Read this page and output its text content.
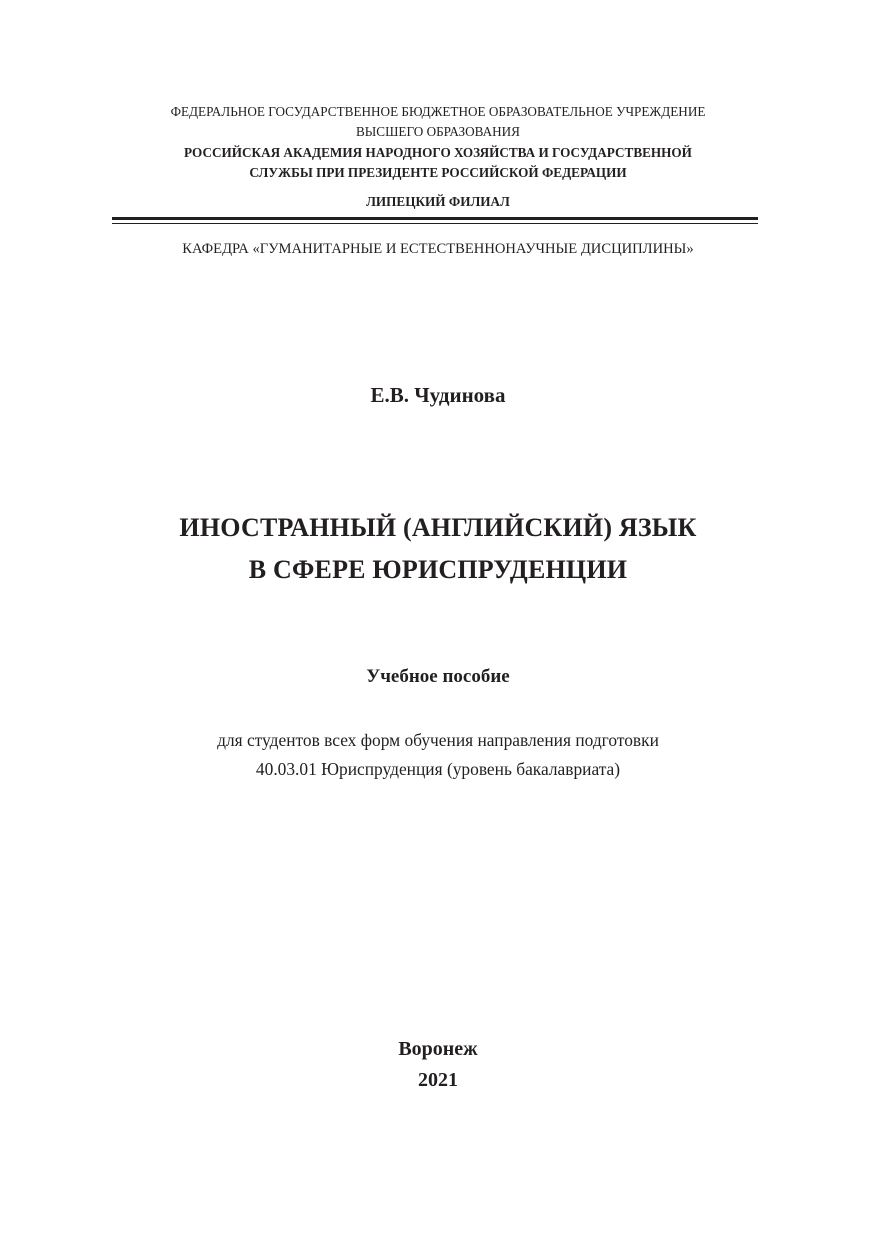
ФЕДЕРАЛЬНОЕ ГОСУДАРСТВЕННОЕ БЮДЖЕТНОЕ ОБРАЗОВАТЕЛЬНОЕ УЧРЕЖДЕНИЕ
ВЫСШЕГО ОБРАЗОВАНИЯ
РОССИЙСКАЯ АКАДЕМИЯ НАРОДНОГО ХОЗЯЙСТВА И ГОСУДАРСТВЕННОЙ
СЛУЖБЫ ПРИ ПРЕЗИДЕНТЕ РОССИЙСКОЙ ФЕДЕРАЦИИ
ЛИПЕЦКИЙ ФИЛИАЛ
КАФЕДРА «ГУМАНИТАРНЫЕ И ЕСТЕСТВЕННОНАУЧНЫЕ ДИСЦИПЛИНЫ»
Е.В. Чудинова
ИНОСТРАННЫЙ (АНГЛИЙСКИЙ) ЯЗЫК
В СФЕРЕ ЮРИСПРУДЕНЦИИ
Учебное пособие
для студентов всех форм обучения направления подготовки
40.03.01 Юриспруденция (уровень бакалавриата)
Воронеж
2021
